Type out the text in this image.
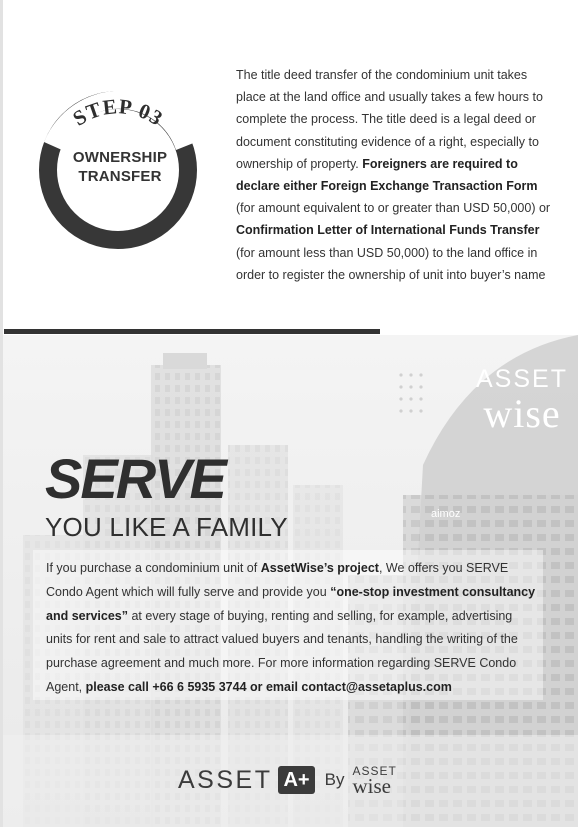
STEP 03
OWNERSHIP
TRANSFER
The title deed transfer of the condominium unit takes place at the land office and usually takes a few hours to complete the process. The title deed is a legal deed or document constituting evidence of a right, especially to ownership of property. Foreigners are required to declare either Foreign Exchange Transaction Form (for amount equivalent to or greater than USD 50,000) or Confirmation Letter of International Funds Transfer (for amount less than USD 50,000) to the land office in order to register the ownership of unit into buyer’s name
aimoz
ASSET
wise
SERVE
YOU LIKE A FAMILY
If you purchase a condominium unit of AssetWise’s project, We offers you SERVE Condo Agent which will fully serve and provide you “one-stop investment consultancy and services” at every stage of buying, renting and selling, for example, advertising units for rent and sale to attract valued buyers and tenants, handling the writing of the purchase agreement and much more. For more information regarding SERVE Condo Agent, please call +66 6 5935 3744 or email contact@assetaplus.com
ASSET A+ By ASSET
wise
